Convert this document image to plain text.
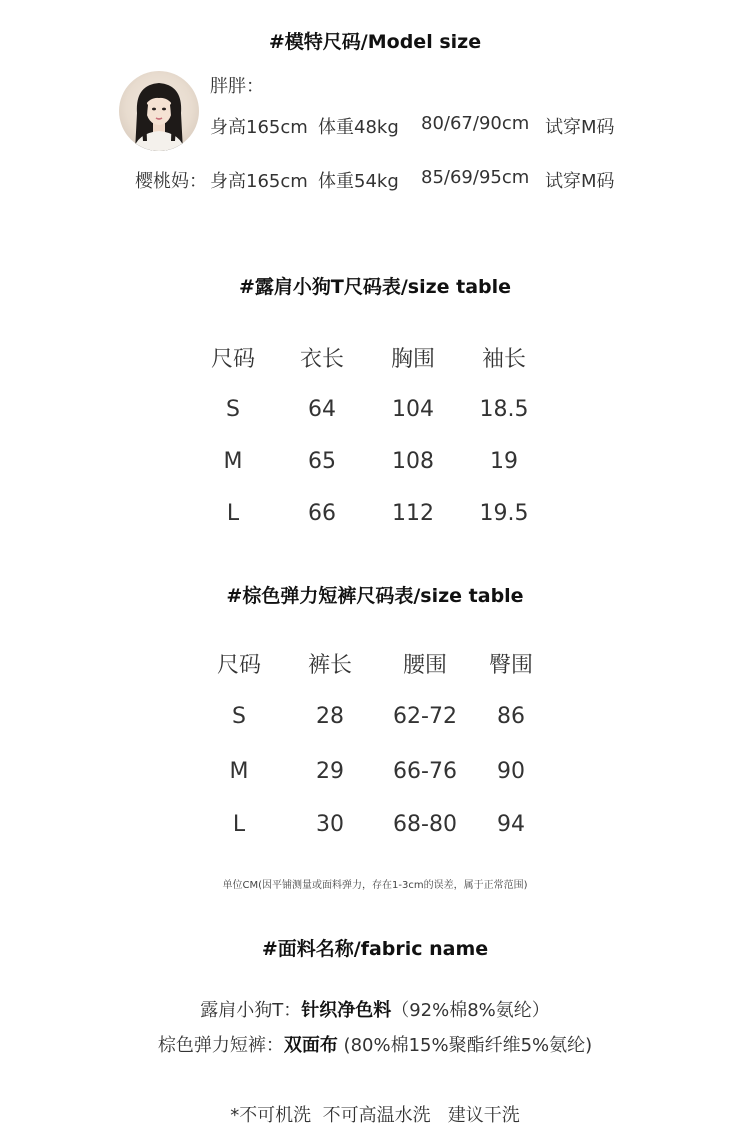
#模特尺码/Model size
胖胖：
身高165cm 体重48kg 80/67/90cm 试穿M码
樱桃妈： 身高165cm 体重54kg 85/69/95cm 试穿M码
#露肩小狗T尺码表/size table
尺码	衣长	胸围	袖长
S	64	104	18.5
M	65	108	19
L	66	112	19.5
#棕色弹力短裤尺码表/size table
尺码	裤长	腰围	臀围
S	28	62-72	86
M	29	66-76	90
L	30	68-80	94
单位CM(因平铺测量或面料弹力，存在1-3cm的误差，属于正常范围)
#面料名称/fabric name
露肩小狗T：针织净色料（92%棉8%氨纶）
棕色弹力短裤：双面布 (80%棉15%聚酯纤维5%氨纶)
*不可机洗  不可高温水洗   建议干洗
